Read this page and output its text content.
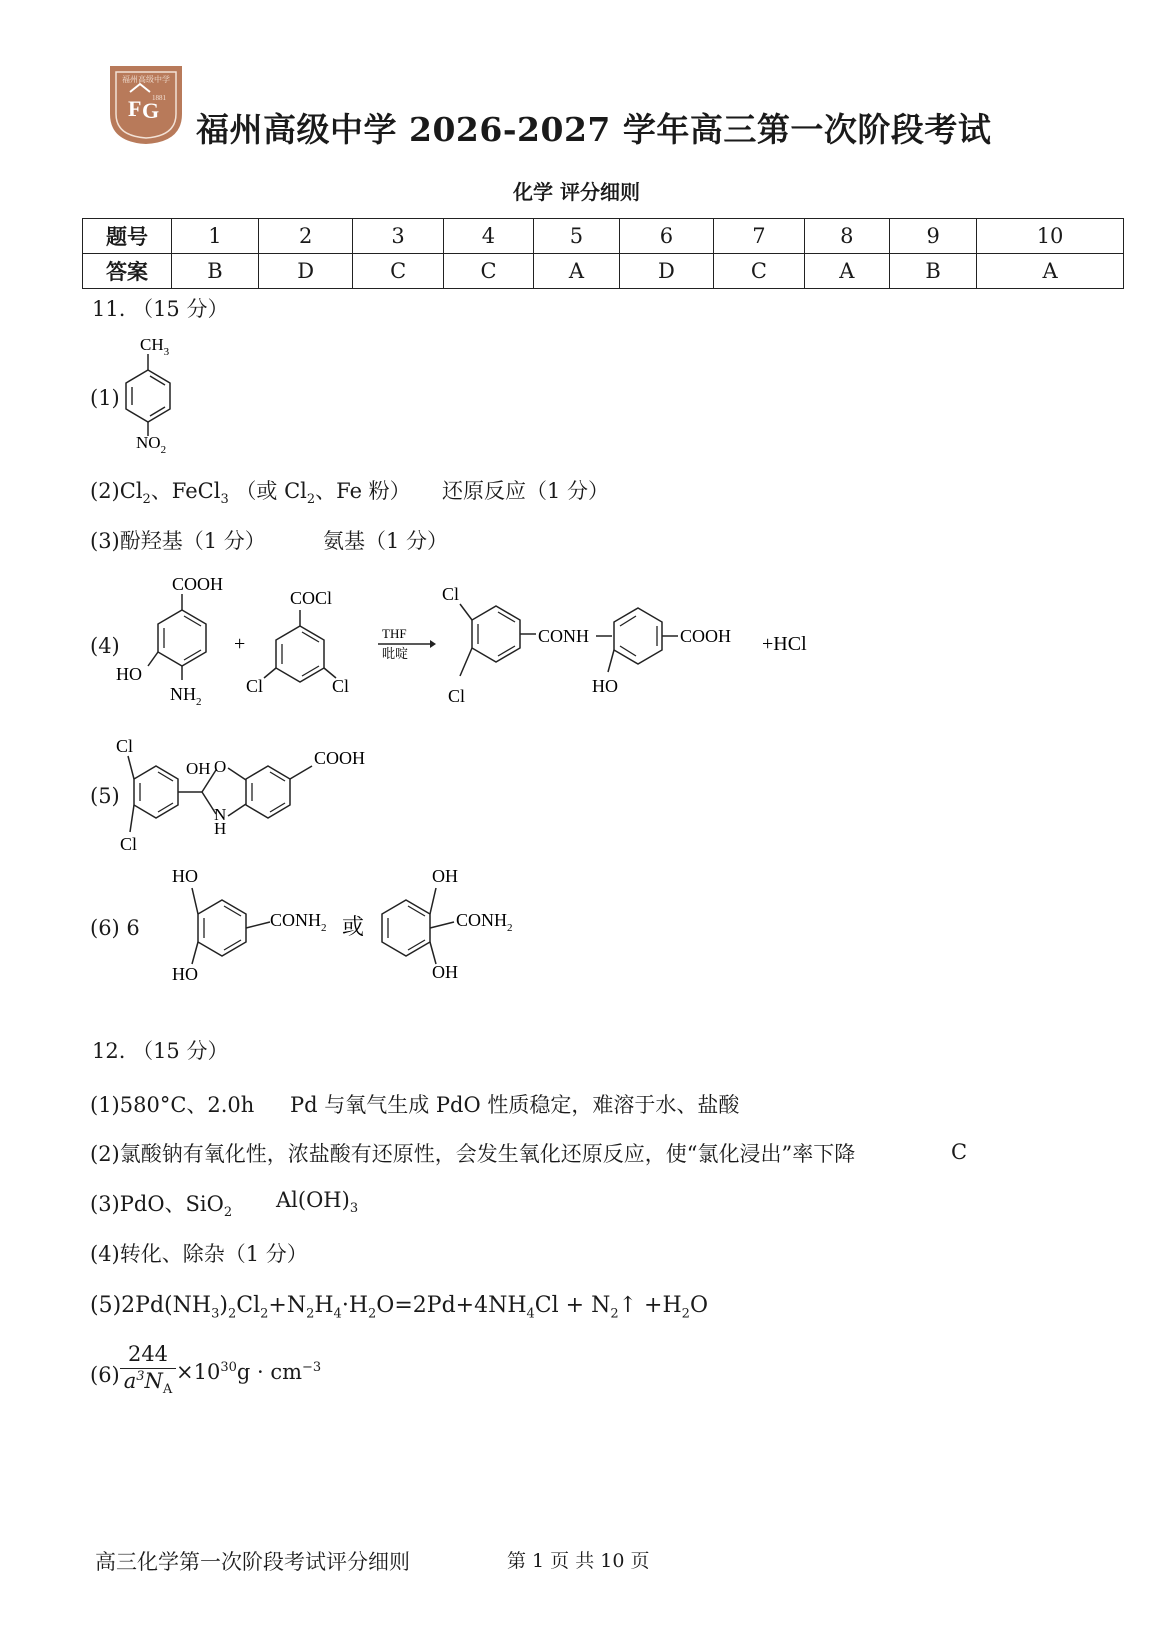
福州高级中学
F G
1881
福州高级中学 2026-2027 学年高三第一次阶段考试
化学 评分细则
题号	1	2	3	4	5	6	7	8	9	10
答案	B	D	C	C	A	D	C	A	B	A
11. （15 分）
(1)
$CH_3$
$NO_2$
$(2)Cl_2$、FeCl$_3$ （或 $Cl_2$、Fe 粉） 还原反应（1 分）
(3)酚羟基（1 分）	氨基（1 分）
(4)
COOH
HO
$NH_2$
+
COCl
Cl	Cl
THF
吡啶
Cl
Cl
CONH	COOH
HO
+HCl
(5)
Cl
Cl
OH O
N
H
COOH
(6) 6
HO
HO
$CONH_2$ 或
OH
OH
$CONH_2$
12. （15 分）
(1)580°C、2.0h Pd 与氧气生成 PdO 性质稳定，难溶于水、盐酸
(2)氯酸钠有氧化性，浓盐酸有还原性，会发生氧化还原反应，使“氯化浸出”率下降	C
(3)PdO、SiO$_2$
$Al(OH)_3$
(4)转化、除杂（1 分）
$(5)2Pd(NH_3)_2Cl_2+N_2H_4\cdot H_2O=2Pd+4NH_4Cl$ + $N_2↑ +H_2O$
$(6) \frac{244}{a^3N_A} \times 10^{30}g \cdot cm^{-3}$
高三化学第一次阶段考试评分细则	第 1 页 共 10 页
